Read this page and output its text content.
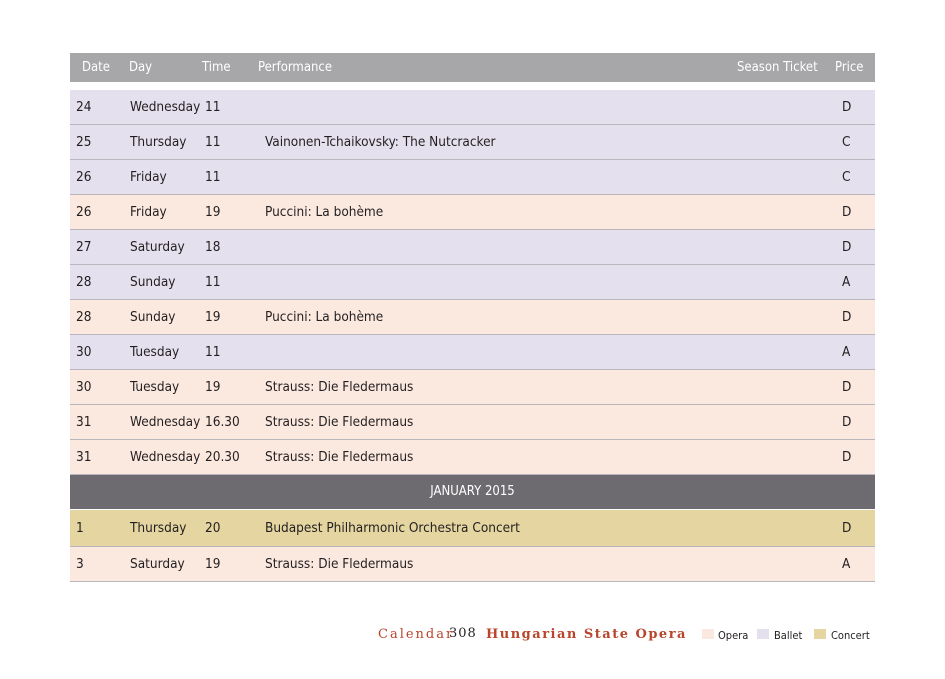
Date Day	Time Performance	Season Ticket Price
24	Wednesday 11	D
25	Thursday 11	Vainonen-Tchaikovsky: The Nutcracker	C
26	Friday	11	C
26	Friday	19	Puccini: La bohème	D
27	Saturday 18	D
28	Sunday 11	A
28	Sunday 19	Puccini: La bohème	D
30	Tuesday 11	A
30	Tuesday 19	Strauss: Die Fledermaus	D
31	Wednesday 16.30 Strauss: Die Fledermaus	D
31	Wednesday 20.30 Strauss: Die Fledermaus	D
JANUARY 2015
1	Thursday 20	Budapest Philharmonic Orchestra Concert	D
3	Saturday 19	Strauss: Die Fledermaus	A
Calendar
308 Hungarian State Opera	Opera Ballet	Concert
